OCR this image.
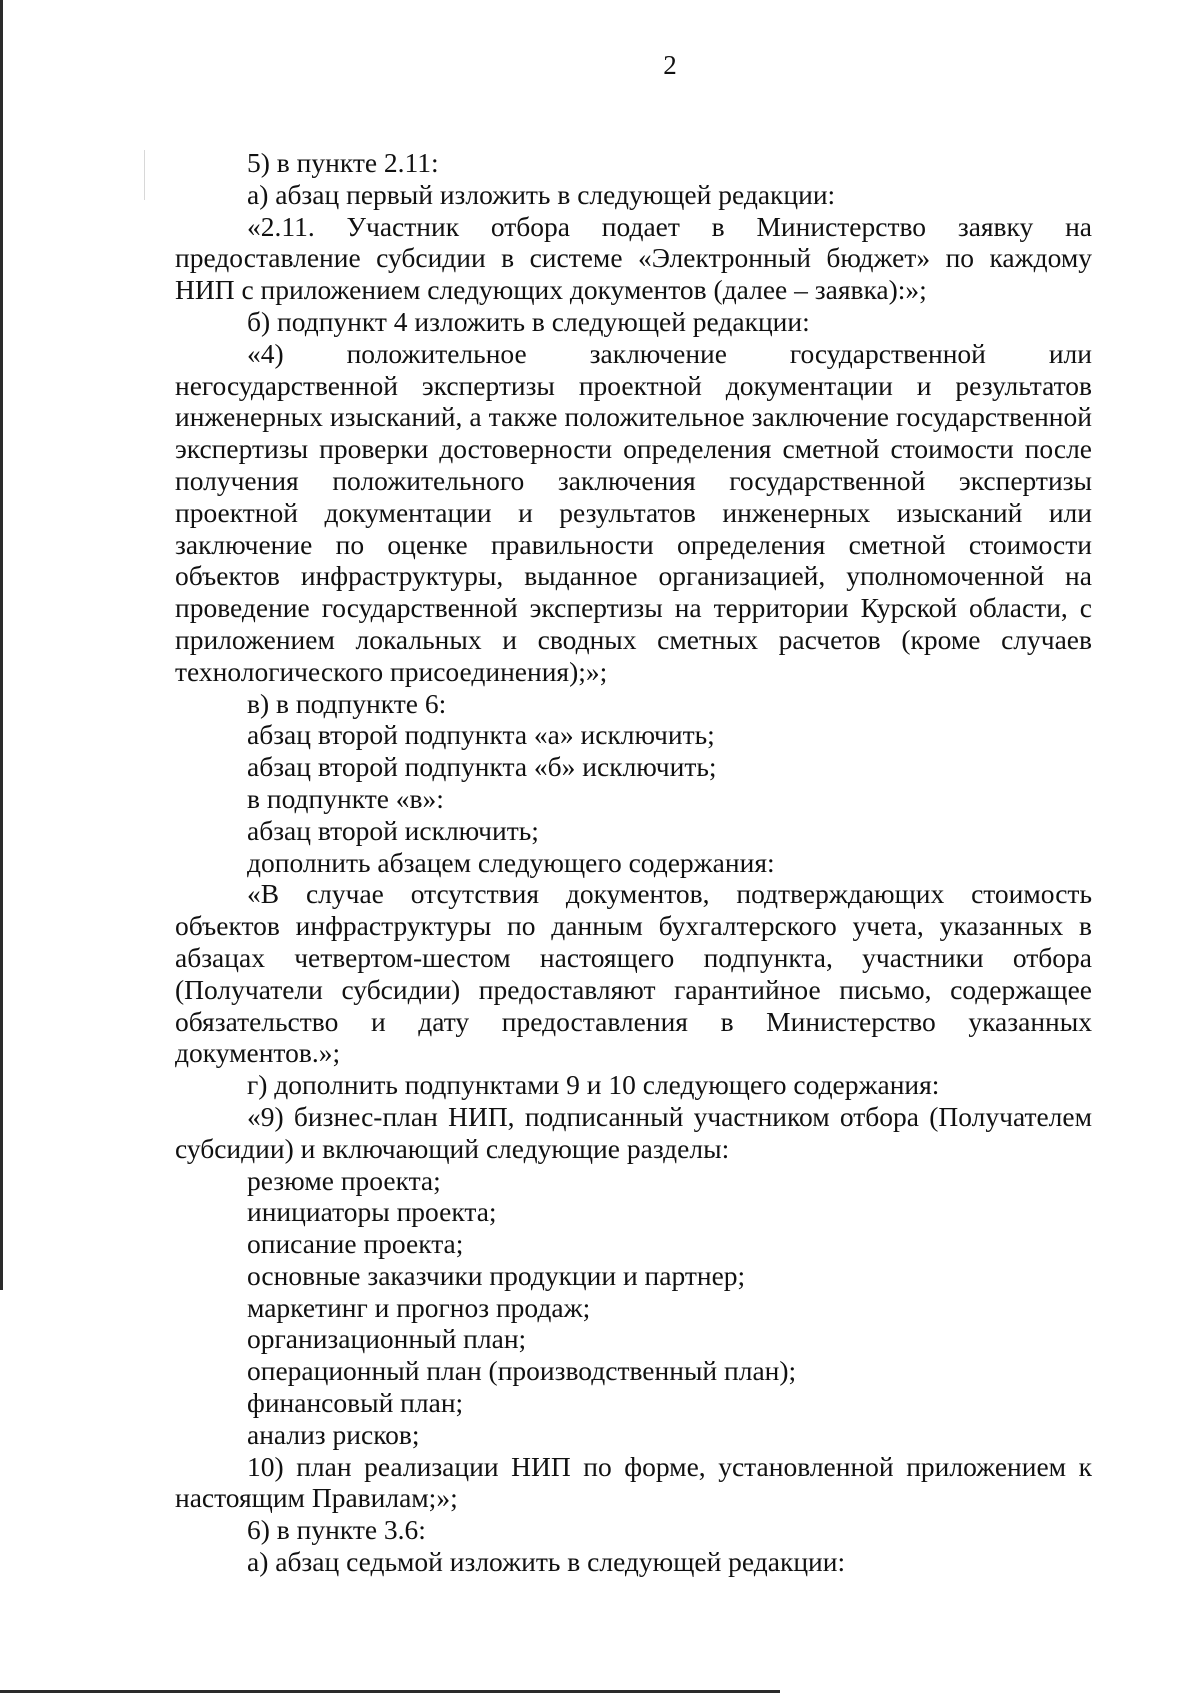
2

5) в пункте 2.11:

а) абзац первый изложить в следующей редакции:

«2.11. Участник отбора подает в Министерство заявку на предоставление субсидии в системе «Электронный бюджет» по каждому НИП с приложением следующих документов (далее – заявка):»;

б) подпункт 4 изложить в следующей редакции:

«4) положительное заключение государственной или негосударственной экспертизы проектной документации и результатов инженерных изысканий, а также положительное заключение государственной экспертизы проверки достоверности определения сметной стоимости после получения положительного заключения государственной экспертизы проектной документации и результатов инженерных изысканий или заключение по оценке правильности определения сметной стоимости объектов инфраструктуры, выданное организацией, уполномоченной на проведение государственной экспертизы на территории Курской области, с приложением локальных и сводных сметных расчетов (кроме случаев технологического присоединения);»;

в) в подпункте 6:

абзац второй подпункта «а» исключить;

абзац второй подпункта «б» исключить;

в подпункте «в»:

абзац второй исключить;

дополнить абзацем следующего содержания:

«В случае отсутствия документов, подтверждающих стоимость объектов инфраструктуры по данным бухгалтерского учета, указанных в абзацах четвертом-шестом настоящего подпункта, участники отбора (Получатели субсидии) предоставляют гарантийное письмо, содержащее обязательство и дату предоставления в Министерство указанных документов.»;

г) дополнить подпунктами 9 и 10 следующего содержания:

«9) бизнес-план НИП, подписанный участником отбора (Получателем субсидии) и включающий следующие разделы:

резюме проекта;

инициаторы проекта;

описание проекта;

основные заказчики продукции и партнер;

маркетинг и прогноз продаж;

организационный план;

операционный план (производственный план);

финансовый план;

анализ рисков;

10) план реализации НИП по форме, установленной приложением к настоящим Правилам;»;

6) в пункте 3.6:

а) абзац седьмой изложить в следующей редакции:
